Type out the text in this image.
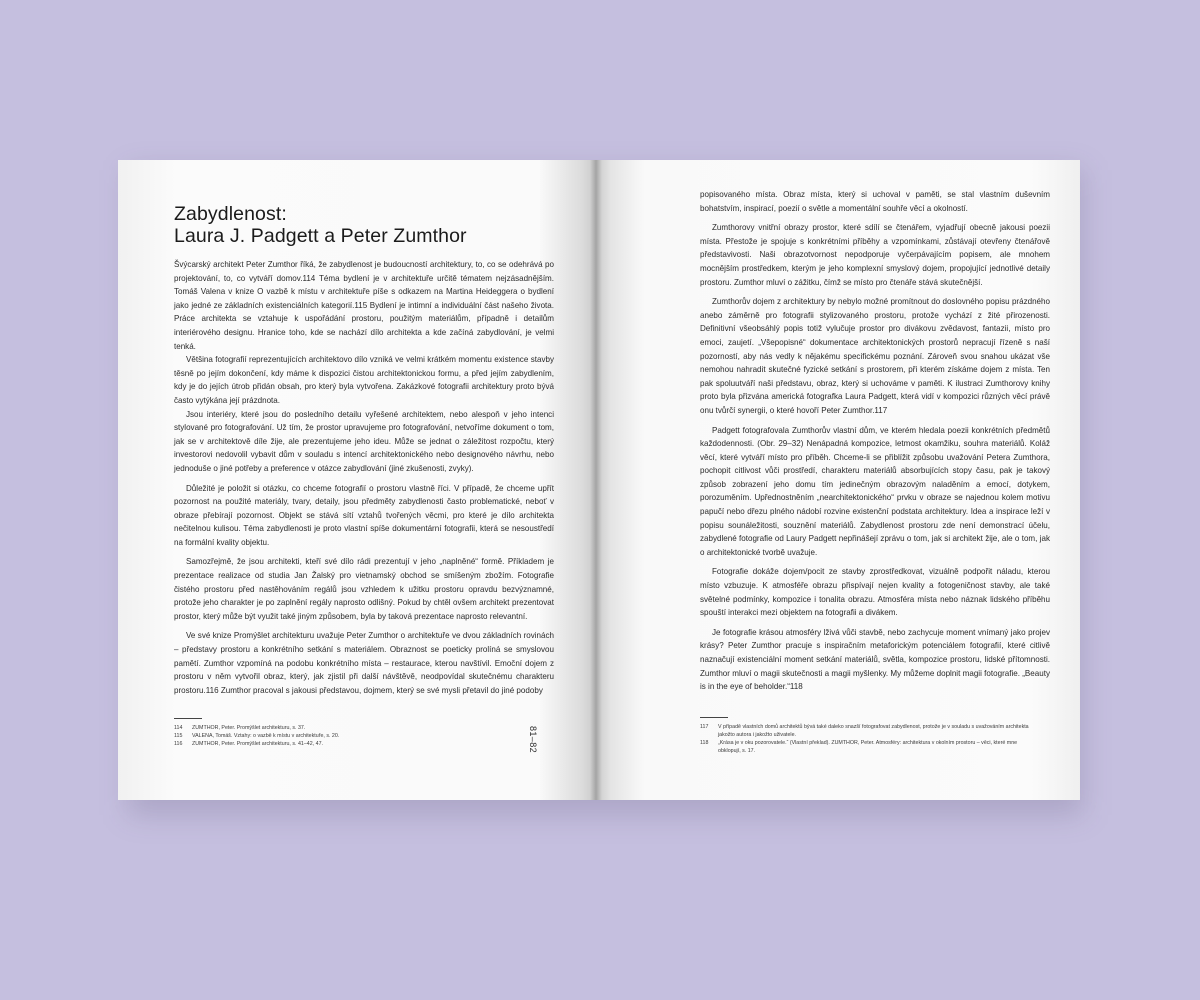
Zabydlenost:
Laura J. Padgett a Peter Zumthor

Švýcarský architekt Peter Zumthor říká, že zabydlenost je budoucností architektury, to, co se odehrává po projektování, to, co vytváří domov.114 Téma bydlení je v architektuře určitě tématem nejzásadnějším. Tomáš Valena v knize O vazbě k místu v architektuře píše s odkazem na Martina Heideggera o bydlení jako jedné ze základních existenciálních kategorií.115 Bydlení je intimní a individuální část našeho života. Práce architekta se vztahuje k uspořádání prostoru, použitým materiálům, případně i detailům interiérového designu. Hranice toho, kde se nachází dílo architekta a kde začíná zabydlování, je velmi tenká.

Většina fotografií reprezentujících architektovo dílo vzniká ve velmi krátkém momentu existence stavby těsně po jejím dokončení, kdy máme k dispozici čistou architektonickou formu, a před jejím zabydlením, kdy je do jejích útrob přidán obsah, pro který byla vytvořena. Zakázkové fotografii architektury proto bývá často vytýkána její prázdnota.

Jsou interiéry, které jsou do posledního detailu vyřešené architektem, nebo alespoň v jeho intenci stylované pro fotografování. Už tím, že prostor upravujeme pro fotografování, netvoříme dokument o tom, jak se v architektově díle žije, ale prezentujeme jeho ideu. Může se jednat o záležitost rozpočtu, který investorovi nedovolil vybavit dům v souladu s intencí architektonického nebo designového návrhu, nebo jednoduše o jiné potřeby a preference v otázce zabydlování (jiné zkušenosti, zvyky).

Důležité je položit si otázku, co chceme fotografií o prostoru vlastně říci. V případě, že chceme upřít pozornost na použité materiály, tvary, detaily, jsou předměty zabydlenosti často problematické, neboť v obraze přebírají pozornost. Objekt se stává sítí vztahů tvořených věcmi, pro které je dílo architekta nečitelnou kulisou. Téma zabydlenosti je proto vlastní spíše dokumentární fotografii, která se nesoustředí na formální kvality objektu.

Samozřejmě, že jsou architekti, kteří své dílo rádi prezentují v jeho „naplněné“ formě. Příkladem je prezentace realizace od studia Jan Žalský pro vietnamský obchod se smíšeným zbožím. Fotografie čistého prostoru před nastěhováním regálů jsou vzhledem k užitku prostoru opravdu bezvýznamné, protože jeho charakter je po zaplnění regály naprosto odlišný. Pokud by chtěl ovšem architekt prezentovat prostor, který může být využit také jiným způsobem, byla by taková prezentace naprosto relevantní.

Ve své knize Promýšlet architekturu uvažuje Peter Zumthor o architektuře ve dvou základních rovinách – představy prostoru a konkrétního setkání s materiálem. Obraznost se poeticky prolíná se smyslovou pamětí. Zumthor vzpomíná na podobu konkrétního místa – restaurace, kterou navštívil. Emoční dojem z prostoru v něm vytvořil obraz, který, jak zjistil při další návštěvě, neodpovídal skutečnému charakteru prostoru.116 Zumthor pracoval s jakousi představou, dojmem, který se své mysli přetavil do jiné podoby

114	ZUMTHOR, Peter. Promýšlet architekturu, s. 37.
115	VALENA, Tomáš. Vztahy: o vazbě k místu v architektuře, s. 20.
116	ZUMTHOR, Peter. Promýšlet architekturu, s. 41–42, 47.	81–82

popisovaného místa. Obraz místa, který si uchoval v paměti, se stal vlastním duševním bohatstvím, inspirací, poezií o světle a momentální souhře věcí a okolností.

Zumthorovy vnitřní obrazy prostor, které sdílí se čtenářem, vyjadřují obecně jakousi poezii místa. Přestože je spojuje s konkrétními příběhy a vzpomínkami, zůstávají otevřeny čtenářově představivosti. Naši obrazotvornost nepodporuje vyčerpávajícím popisem, ale mnohem mocnějším prostředkem, kterým je jeho komplexní smyslový dojem, propojující jednotlivé detaily prostoru. Zumthor mluví o zážitku, čímž se místo pro čtenáře stává skutečnější.

Zumthorův dojem z architektury by nebylo možné promítnout do doslovného popisu prázdného anebo záměrně pro fotografii stylizovaného prostoru, protože vychází z žité přirozenosti. Definitivní všeobsáhlý popis totiž vylučuje prostor pro divákovu zvědavost, fantazii, místo pro emoci, zaujetí. „Všepopisné“ dokumentace architektonických prostorů nepracují řízeně s naší pozorností, aby nás vedly k nějakému specifickému poznání. Zároveň svou snahou ukázat vše nemohou nahradit skutečné fyzické setkání s prostorem, při kterém získáme dojem z místa. Ten pak spoluutváří naši představu, obraz, který si uchováme v paměti. K ilustraci Zumthorovy knihy proto byla přizvána americká fotografka Laura Padgett, která vidí v kompozici různých věcí právě onu tvůrčí synergii, o které hovoří Peter Zumthor.117

Padgett fotografovala Zumthorův vlastní dům, ve kterém hledala poezii konkrétních předmětů každodennosti. (Obr. 29–32) Nenápadná kompozice, letmost okamžiku, souhra materiálů. Koláž věcí, které vytváří místo pro příběh. Chceme-li se přiblížit způsobu uvažování Petera Zumthora, pochopit citlivost vůči prostředí, charakteru materiálů absorbujících stopy času, pak je takový způsob zobrazení jeho domu tím jedinečným obrazovým naladěním a emocí, dotykem, porozuměním. Upřednostněním „nearchitektonického“ prvku v obraze se najednou kolem motivu papučí nebo dřezu plného nádobí rozvine existenční podstata architektury. Idea a inspirace leží v popisu sounáležitosti, souznění materiálů. Zabydlenost prostoru zde není demonstrací účelu, zabydlené fotografie od Laury Padgett nepřinášejí zprávu o tom, jak si architekt žije, ale o tom, jak o architektonické tvorbě uvažuje.

Fotografie dokáže dojem/pocit ze stavby zprostředkovat, vizuálně podpořit náladu, kterou místo vzbuzuje. K atmosféře obrazu přispívají nejen kvality a fotogeničnost stavby, ale také světelné podmínky, kompozice i tonalita obrazu. Atmosféra místa nebo náznak lidského příběhu spouští interakci mezi objektem na fotografii a divákem.

Je fotografie krásou atmosféry lživá vůči stavbě, nebo zachycuje moment vnímaný jako projev krásy? Peter Zumthor pracuje s inspiračním metaforickým potenciálem fotografií, které citlivě naznačují existenciální moment setkání materiálů, světla, kompozice prostoru, lidské přítomnosti. Zumthor mluví o magii skutečnosti a magii myšlenky. My můžeme doplnit magii fotografie. „Beauty is in the eye of beholder.“118

117	V případě vlastních domů architektů bývá také daleko snazší fotografovat zabydlenost, protože je v souladu s uvažováním architekta jakožto autora i jakožto uživatele.
118	„Krása je v oku pozorovatele.“ (Vlastní překlad). ZUMTHOR, Peter. Atmosféry: architektura v okolním prostoru – věci, které mne obklopují, s. 17.
